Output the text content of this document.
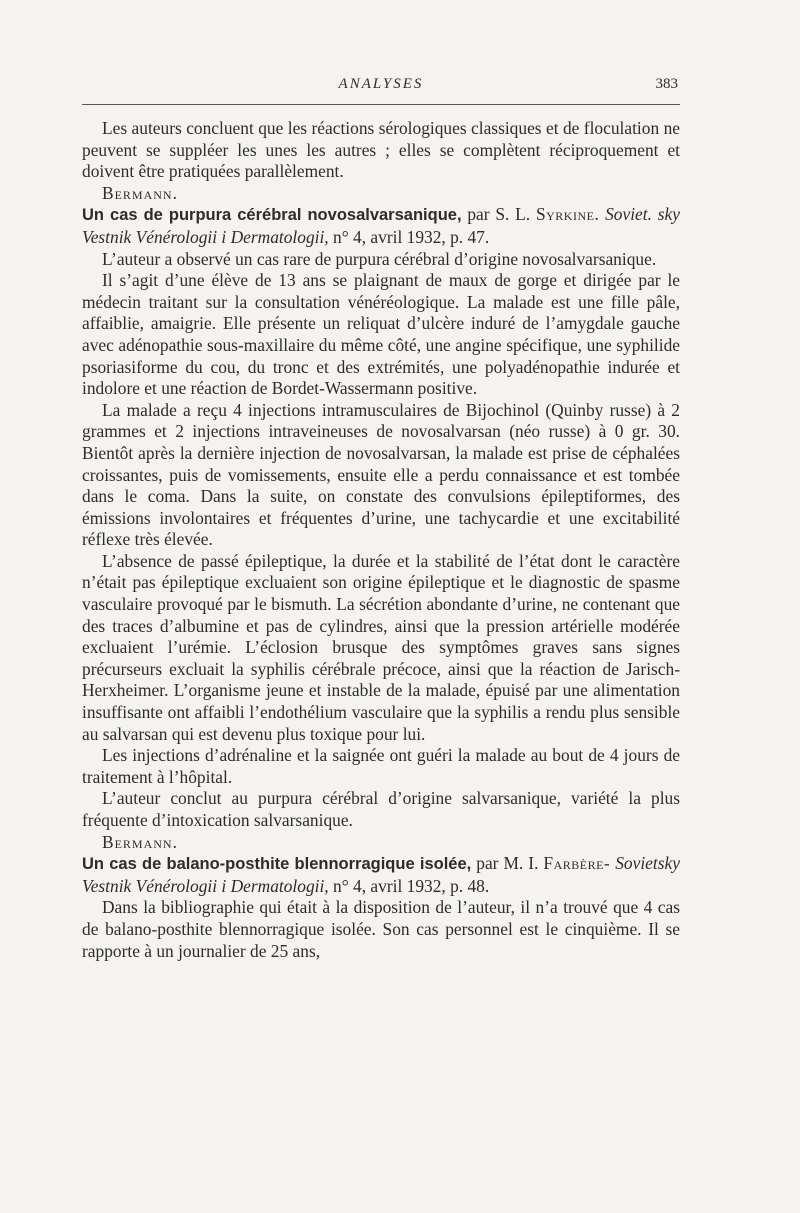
ANALYSES	383

Les auteurs concluent que les réactions sérologiques classiques et de floculation ne peuvent se suppléer les unes les autres ; elles se complètent réciproquement et doivent être pratiquées parallèlement.

Bermann.

Un cas de purpura cérébral novosalvarsanique, par S. L. Syrkine. Soviet. sky Vestnik Vénérologii i Dermatologii, n° 4, avril 1932, p. 47.

L’auteur a observé un cas rare de purpura cérébral d’origine novosalvarsanique.

Il s’agit d’une élève de 13 ans se plaignant de maux de gorge et dirigée par le médecin traitant sur la consultation vénéréologique. La malade est une fille pâle, affaiblie, amaigrie. Elle présente un reliquat d’ulcère induré de l’amygdale gauche avec adénopathie sous-maxillaire du même côté, une angine spécifique, une syphilide psoriasiforme du cou, du tronc et des extrémités, une polyadénopathie indurée et indolore et une réaction de Bordet-Wassermann positive.

La malade a reçu 4 injections intramusculaires de Bijochinol (Quinby russe) à 2 grammes et 2 injections intraveineuses de novosalvarsan (néo russe) à 0 gr. 30. Bientôt après la dernière injection de novosalvarsan, la malade est prise de céphalées croissantes, puis de vomissements, ensuite elle a perdu connaissance et est tombée dans le coma. Dans la suite, on constate des convulsions épileptiformes, des émissions involontaires et fréquentes d’urine, une tachycardie et une excitabilité réflexe très élevée.

L’absence de passé épileptique, la durée et la stabilité de l’état dont le caractère n’était pas épileptique excluaient son origine épileptique et le diagnostic de spasme vasculaire provoqué par le bismuth. La sécrétion abondante d’urine, ne contenant que des traces d’albumine et pas de cylindres, ainsi que la pression artérielle modérée excluaient l’urémie. L’éclosion brusque des symptômes graves sans signes précurseurs excluait la syphilis cérébrale précoce, ainsi que la réaction de Jarisch-Herxheimer. L’organisme jeune et instable de la malade, épuisé par une alimentation insuffisante ont affaibli l’endothélium vasculaire que la syphilis a rendu plus sensible au salvarsan qui est devenu plus toxique pour lui.

Les injections d’adrénaline et la saignée ont guéri la malade au bout de 4 jours de traitement à l’hôpital.

L’auteur conclut au purpura cérébral d’origine salvarsanique, variété la plus fréquente d’intoxication salvarsanique.

Bermann.

Un cas de balano-posthite blennorragique isolée, par M. I. Farbère- Sovietsky Vestnik Vénérologii i Dermatologii, n° 4, avril 1932, p. 48.

Dans la bibliographie qui était à la disposition de l’auteur, il n’a trouvé que 4 cas de balano-posthite blennorragique isolée. Son cas personnel est le cinquième. Il se rapporte à un journalier de 25 ans,
